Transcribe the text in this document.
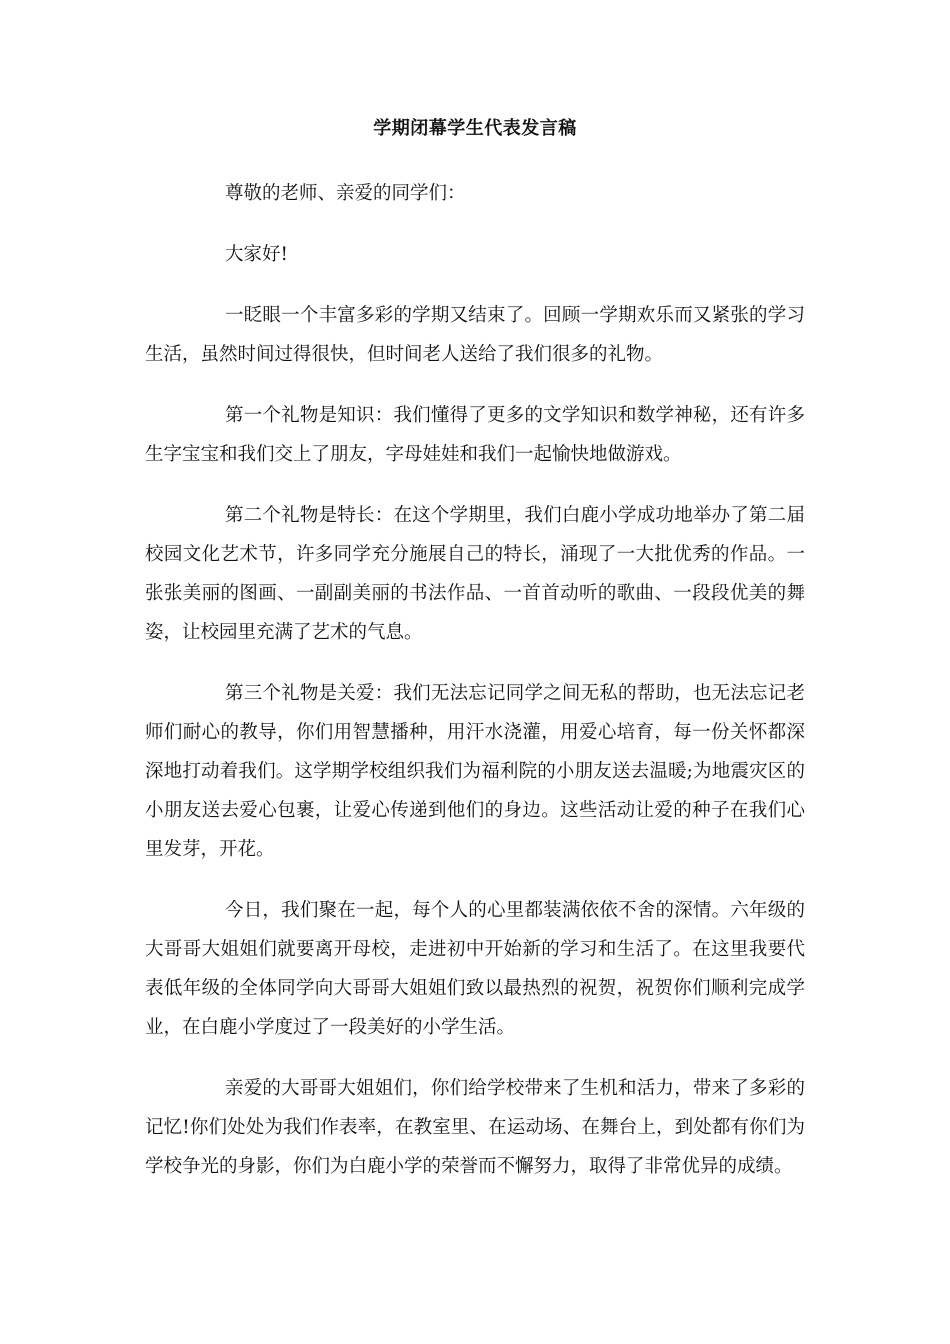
学期闭幕学生代表发言稿

尊敬的老师、亲爱的同学们：

大家好!

一眨眼一个丰富多彩的学期又结束了。回顾一学期欢乐而又紧张的学习生活，虽然时间过得很快，但时间老人送给了我们很多的礼物。

第一个礼物是知识：我们懂得了更多的文学知识和数学神秘，还有许多生字宝宝和我们交上了朋友，字母娃娃和我们一起愉快地做游戏。

第二个礼物是特长：在这个学期里，我们白鹿小学成功地举办了第二届校园文化艺术节，许多同学充分施展自己的特长，涌现了一大批优秀的作品。一张张美丽的图画、一副副美丽的书法作品、一首首动听的歌曲、一段段优美的舞姿，让校园里充满了艺术的气息。

第三个礼物是关爱：我们无法忘记同学之间无私的帮助，也无法忘记老师们耐心的教导，你们用智慧播种，用汗水浇灌，用爱心培育，每一份关怀都深深地打动着我们。这学期学校组织我们为福利院的小朋友送去温暖;为地震灾区的小朋友送去爱心包裹，让爱心传递到他们的身边。这些活动让爱的种子在我们心里发芽，开花。

今日，我们聚在一起，每个人的心里都装满依依不舍的深情。六年级的大哥哥大姐姐们就要离开母校，走进初中开始新的学习和生活了。在这里我要代表低年级的全体同学向大哥哥大姐姐们致以最热烈的祝贺，祝贺你们顺利完成学业，在白鹿小学度过了一段美好的小学生活。

亲爱的大哥哥大姐姐们，你们给学校带来了生机和活力，带来了多彩的记忆!你们处处为我们作表率，在教室里、在运动场、在舞台上，到处都有你们为学校争光的身影，你们为白鹿小学的荣誉而不懈努力，取得了非常优异的成绩。
